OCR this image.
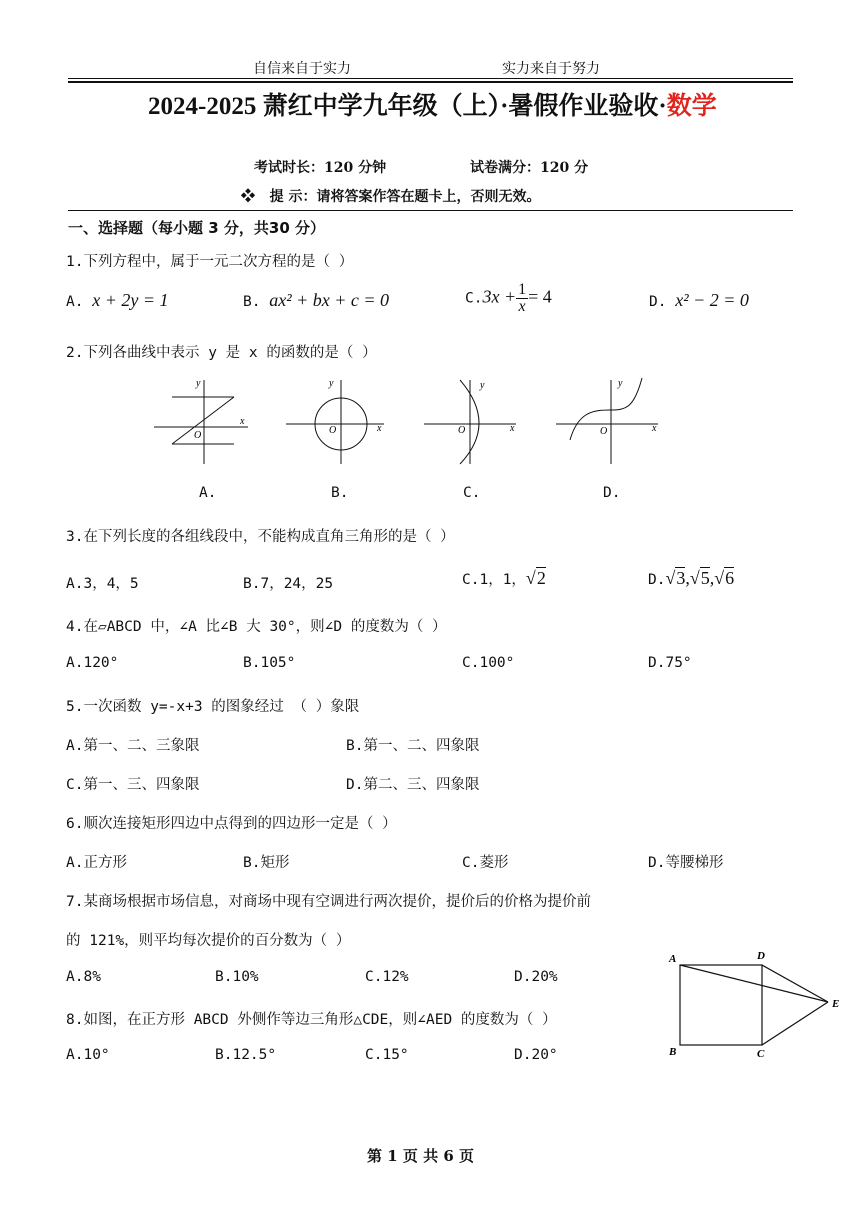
自信来自于实力	实力来自于努力
2024-2025 萧红中学九年级（上）·暑假作业验收·数学
考试时长：120 分钟	试卷满分：120 分
❖ 提 示：请将答案作答在题卡上，否则无效。
一、选择题（每小题 3 分，共30 分）
1.下列方程中，属于一元二次方程的是（ ）
A. x + 2y = 1	B. ax² + bx + c = 0	$C.3x + \frac{1}{x} = 4$	D. x² − 2 = 0
2.下列各曲线中表示 y 是 x 的函数的是（ ）
x
y
O
x
y
O	x
y
O	x
y
O
A.	B.	C.	D.
3.在下列长度的各组线段中，不能构成直角三角形的是（ ）
A.3，4，5	B.7，24，25	C.1，1，√2	D.√3,√5,√6
4.在▱ABCD 中，∠A 比∠B 大 30°，则∠D 的度数为（ ）
A.120°	B.105°	C.100°	D.75°
5.一次函数 y=-x+3 的图象经过 （ ）象限
A.第一、二、三象限	B.第一、二、四象限
C.第一、三、四象限	D.第二、三、四象限
6.顺次连接矩形四边中点得到的四边形一定是（ ）
A.正方形	B.矩形	C.菱形	D.等腰梯形
7.某商场根据市场信息，对商场中现有空调进行两次提价，提价后的价格为提价前
的 121%，则平均每次提价的百分数为（ ）
A.8%	B.10%	C.12%	D.20%
8.如图，在正方形 ABCD 外侧作等边三角形△CDE，则∠AED 的度数为（ ）
A.10°	B.12.5°	C.15°	D.20°
A	D
E
B	C
第 1 页 共 6 页
